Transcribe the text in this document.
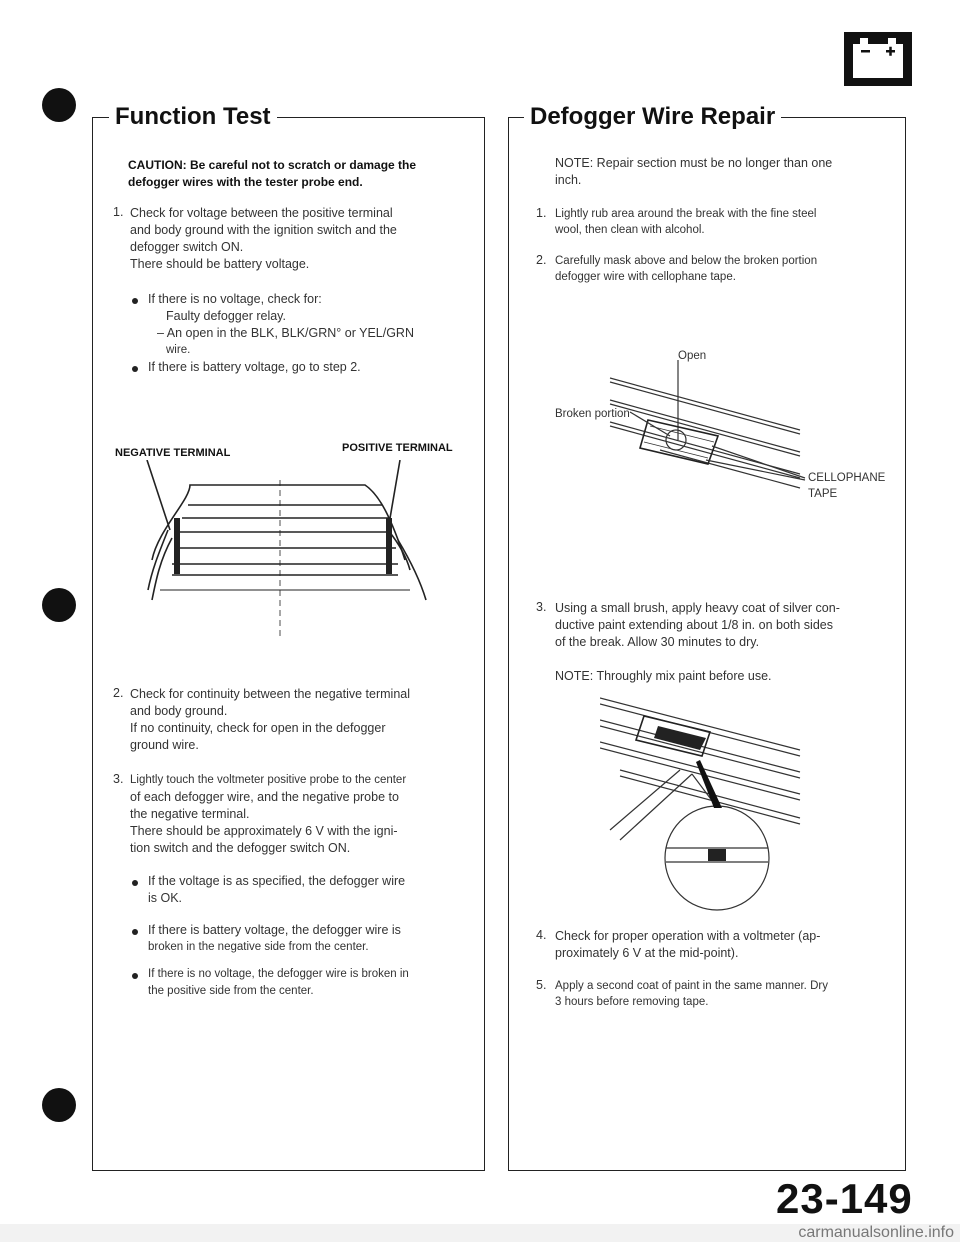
Function Test
CAUTION: Be careful not to scratch or damage the defogger wires with the tester probe end.
1. Check for voltage between the positive terminal
and body ground with the ignition switch and the
defogger switch ON.
There should be battery voltage.
If there is no voltage, check for:
Faulty defogger relay.
– An open in the BLK, BLK/GRN° or YEL/GRN
wire.
If there is battery voltage, go to step 2.
NEGATIVE TERMINAL	POSITIVE TERMINAL
2. Check for continuity between the negative terminal
and body ground.
If no continuity, check for open in the defogger
ground wire.
3. Lightly touch the voltmeter positive probe to the center
of each defogger wire, and the negative probe to
the negative terminal.
There should be approximately 6 V with the igni-
tion switch and the defogger switch ON.
If the voltage is as specified, the defogger wire
is OK.
If there is battery voltage, the defogger wire is
broken in the negative side from the center.
If there is no voltage, the defogger wire is broken in
the positive side from the center.
Defogger Wire Repair
NOTE: Repair section must be no longer than one
inch.
1. Lightly rub area around the break with the fine steel
wool, then clean with alcohol.
2. Carefully mask above and below the broken portion
defogger wire with cellophane tape.
Open
Broken portion
CELLOPHANE
TAPE
3. Using a small brush, apply heavy coat of silver con-
ductive paint extending about 1/8 in. on both sides
of the break. Allow 30 minutes to dry.
NOTE: Throughly mix paint before use.
4. Check for proper operation with a voltmeter (ap-
proximately 6 V at the mid-point).
5. Apply a second coat of paint in the same manner. Dry
3 hours before removing tape.
23-149
carmanualsonline.info
